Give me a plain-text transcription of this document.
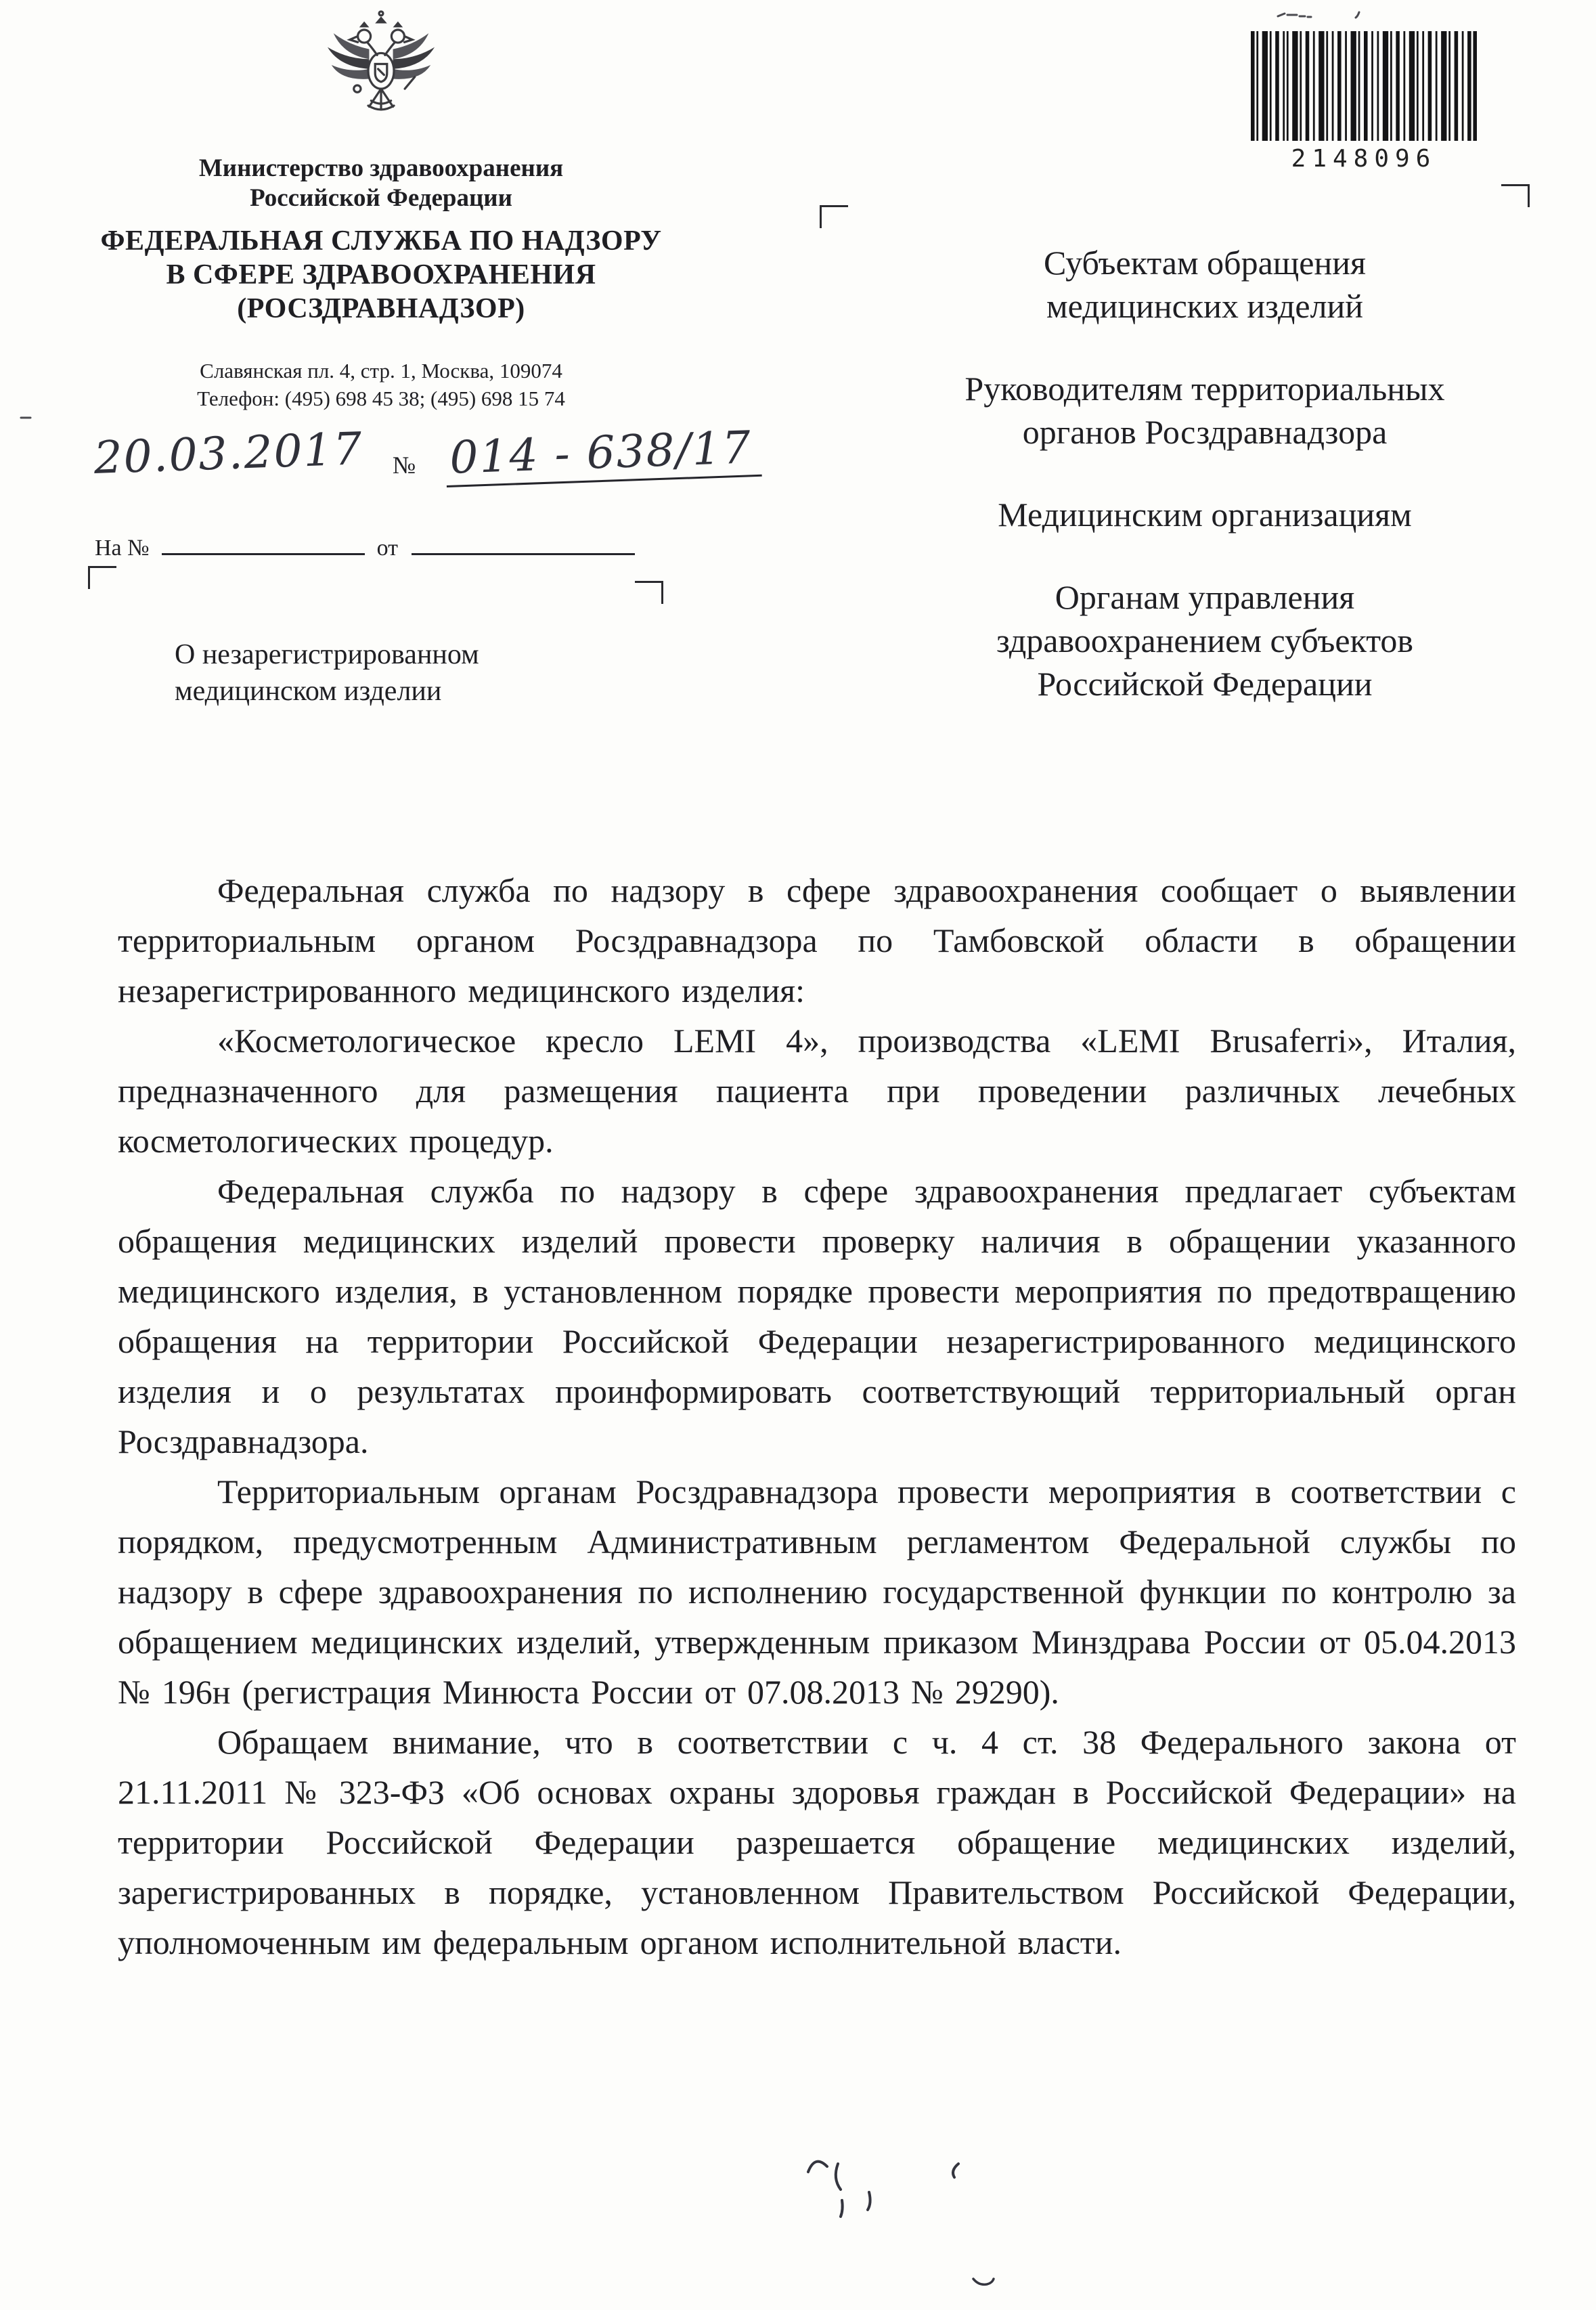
Министерство здравоохранения
Российской Федерации

ФЕДЕРАЛЬНАЯ СЛУЖБА ПО НАДЗОРУ
В СФЕРЕ ЗДРАВООХРАНЕНИЯ
(РОСЗДРАВНАДЗОР)

Славянская пл. 4, стр. 1, Москва, 109074
Телефон: (495) 698 45 38; (495) 698 15 74

20.03.2017 № 014 - 638/17
На №	от
О незарегистрированном
медицинском изделии
2148096

Субъектам обращения
медицинских изделий

Руководителям территориальных
органов Росздравнадзора

Медицинским организациям

Органам управления
здравоохранением субъектов
Российской Федерации

Федеральная служба по надзору в сфере здравоохранения сообщает о выявлении территориальным органом Росздравнадзора по Тамбовской области в обращении незарегистрированного медицинского изделия:

«Косметологическое кресло LEMI 4», производства «LEMI Brusaferri», Италия, предназначенного для размещения пациента при проведении различных лечебных косметологических процедур.

Федеральная служба по надзору в сфере здравоохранения предлагает субъектам обращения медицинских изделий провести проверку наличия в обращении указанного медицинского изделия, в установленном порядке провести мероприятия по предотвращению обращения на территории Российской Федерации незарегистрированного медицинского изделия и о результатах проинформировать соответствующий территориальный орган Росздравнадзора.

Территориальным органам Росздравнадзора провести мероприятия в соответствии с порядком, предусмотренным Административным регламентом Федеральной службы по надзору в сфере здравоохранения по исполнению государственной функции по контролю за обращением медицинских изделий, утвержденным приказом Минздрава России от 05.04.2013 № 196н (регистрация Минюста России от 07.08.2013 № 29290).

Обращаем внимание, что в соответствии с ч. 4 ст. 38 Федерального закона от 21.11.2011 № 323-ФЗ «Об основах охраны здоровья граждан в Российской Федерации» на территории Российской Федерации разрешается обращение медицинских изделий, зарегистрированных в порядке, установленном Правительством Российской Федерации, уполномоченным им федеральным органом исполнительной власти.
